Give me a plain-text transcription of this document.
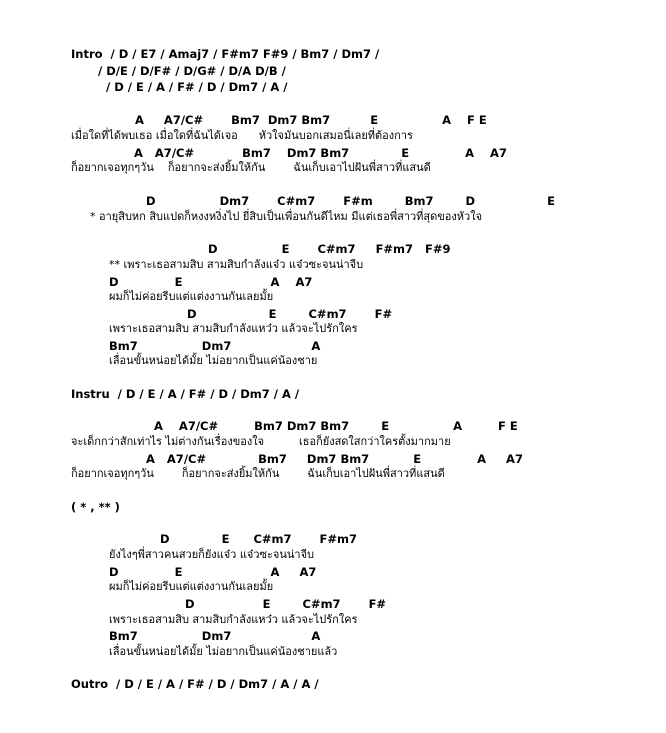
Intro  / D / E7 / Amaj7 / F#m7 F#9 / Bm7 / Dm7 /
/ D/E / D/F# / D/G# / D/A D/B /
/ D / E / A / F# / D / Dm7 / A /
A     A7/C#       Bm7  Dm7 Bm7          E                A    F E
เมื่อใดที่ได้พบเธอ เมื่อใดที่ฉันได้เจอ      หัวใจมันบอกเสมอนี่เลยที่ต้องการ
A   A7/C#            Bm7    Dm7 Bm7             E              A    A7
ก็อยากเจอทุกๆวัน    ก็อยากจะส่งยิ้มให้กัน        ฉันเก็บเอาไปฝันพี่สาวที่แสนดี
D                Dm7       C#m7       F#m        Bm7        D                  E
* อายุสิบหก สิบแปดก็หงงหงิ่งไป ยี่สิบเป็นเพื่อนกันดีไหม มีแต่เธอพี่สาวที่สุดของหัวใจ
D                E       C#m7     F#m7   F#9
** เพราะเธอสามสิบ สามสิบกำลังแจ๋ว แจ๋วซะจนน่าจีบ
D              E                      A    A7
ผมก็ไม่ค่อยรีบแต่แต่งงานกันเลยมั้ย
D                  E        C#m7       F#
เพราะเธอสามสิบ สามสิบกำลังแหว๋ว แล้วจะไปรักใคร
Bm7                Dm7                    A
เลื่อนขั้นหน่อยได้มั้ย ไม่อยากเป็นแค่น้องชาย
Instru  / D / E / A / F# / D / Dm7 / A /
A    A7/C#         Bm7 Dm7 Bm7        E                A         F E
จะเด็กกว่าสักเท่าไร ไม่ต่างกันเรื่องของใจ          เธอก็ยังสดใสกว่าใครตั้งมากมาย
A   A7/C#             Bm7     Dm7 Bm7           E              A     A7
ก็อยากเจอทุกๆวัน        ก็อยากจะส่งยิ้มให้กัน        ฉันเก็บเอาไปฝันพี่สาวที่แสนดี
( * , ** )
D             E      C#m7       F#m7
ยังไงๆพี่สาวคนสวยก็ยังแจ๋ว แจ๋วซะจนน่าจีบ
D              E                      A     A7
ผมก็ไม่ค่อยรีบแต่แต่งงานกันเลยมั้ย
D                 E        C#m7       F#
เพราะเธอสามสิบ สามสิบกำลังแหว๋ว แล้วจะไปรักใคร
Bm7                Dm7                    A
เลื่อนขั้นหน่อยได้มั้ย ไม่อยากเป็นแค่น้องชายแล้ว
Outro  / D / E / A / F# / D / Dm7 / A / A /
